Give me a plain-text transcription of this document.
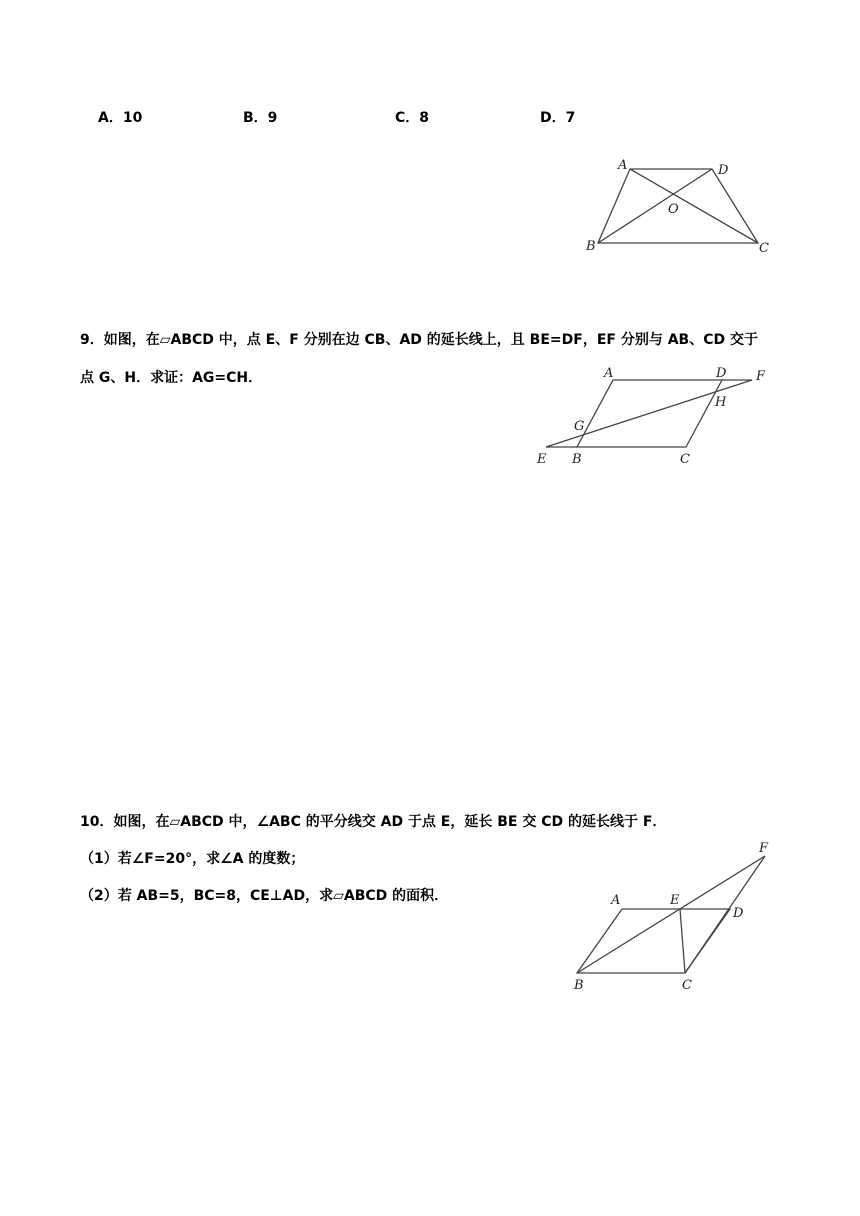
A．10	B．9	C．8	D．7
A	D
O
B	C
9．如图，在▱ABCD 中，点 E、F 分别在边 CB、AD 的延长线上，且 BE=DF，EF 分别与 AB、CD 交于
点 G、H．求证：AG=CH．	A	D F
H
G
E B	C
10．如图，在▱ABCD 中，∠ABC 的平分线交 AD 于点 E，延长 BE 交 CD 的延长线于 F．
（1）若∠F=20°，求∠A 的度数；
（2）若 AB=5，BC=8，CE⊥AD，求▱ABCD 的面积．
F
A	E
D
B	C
